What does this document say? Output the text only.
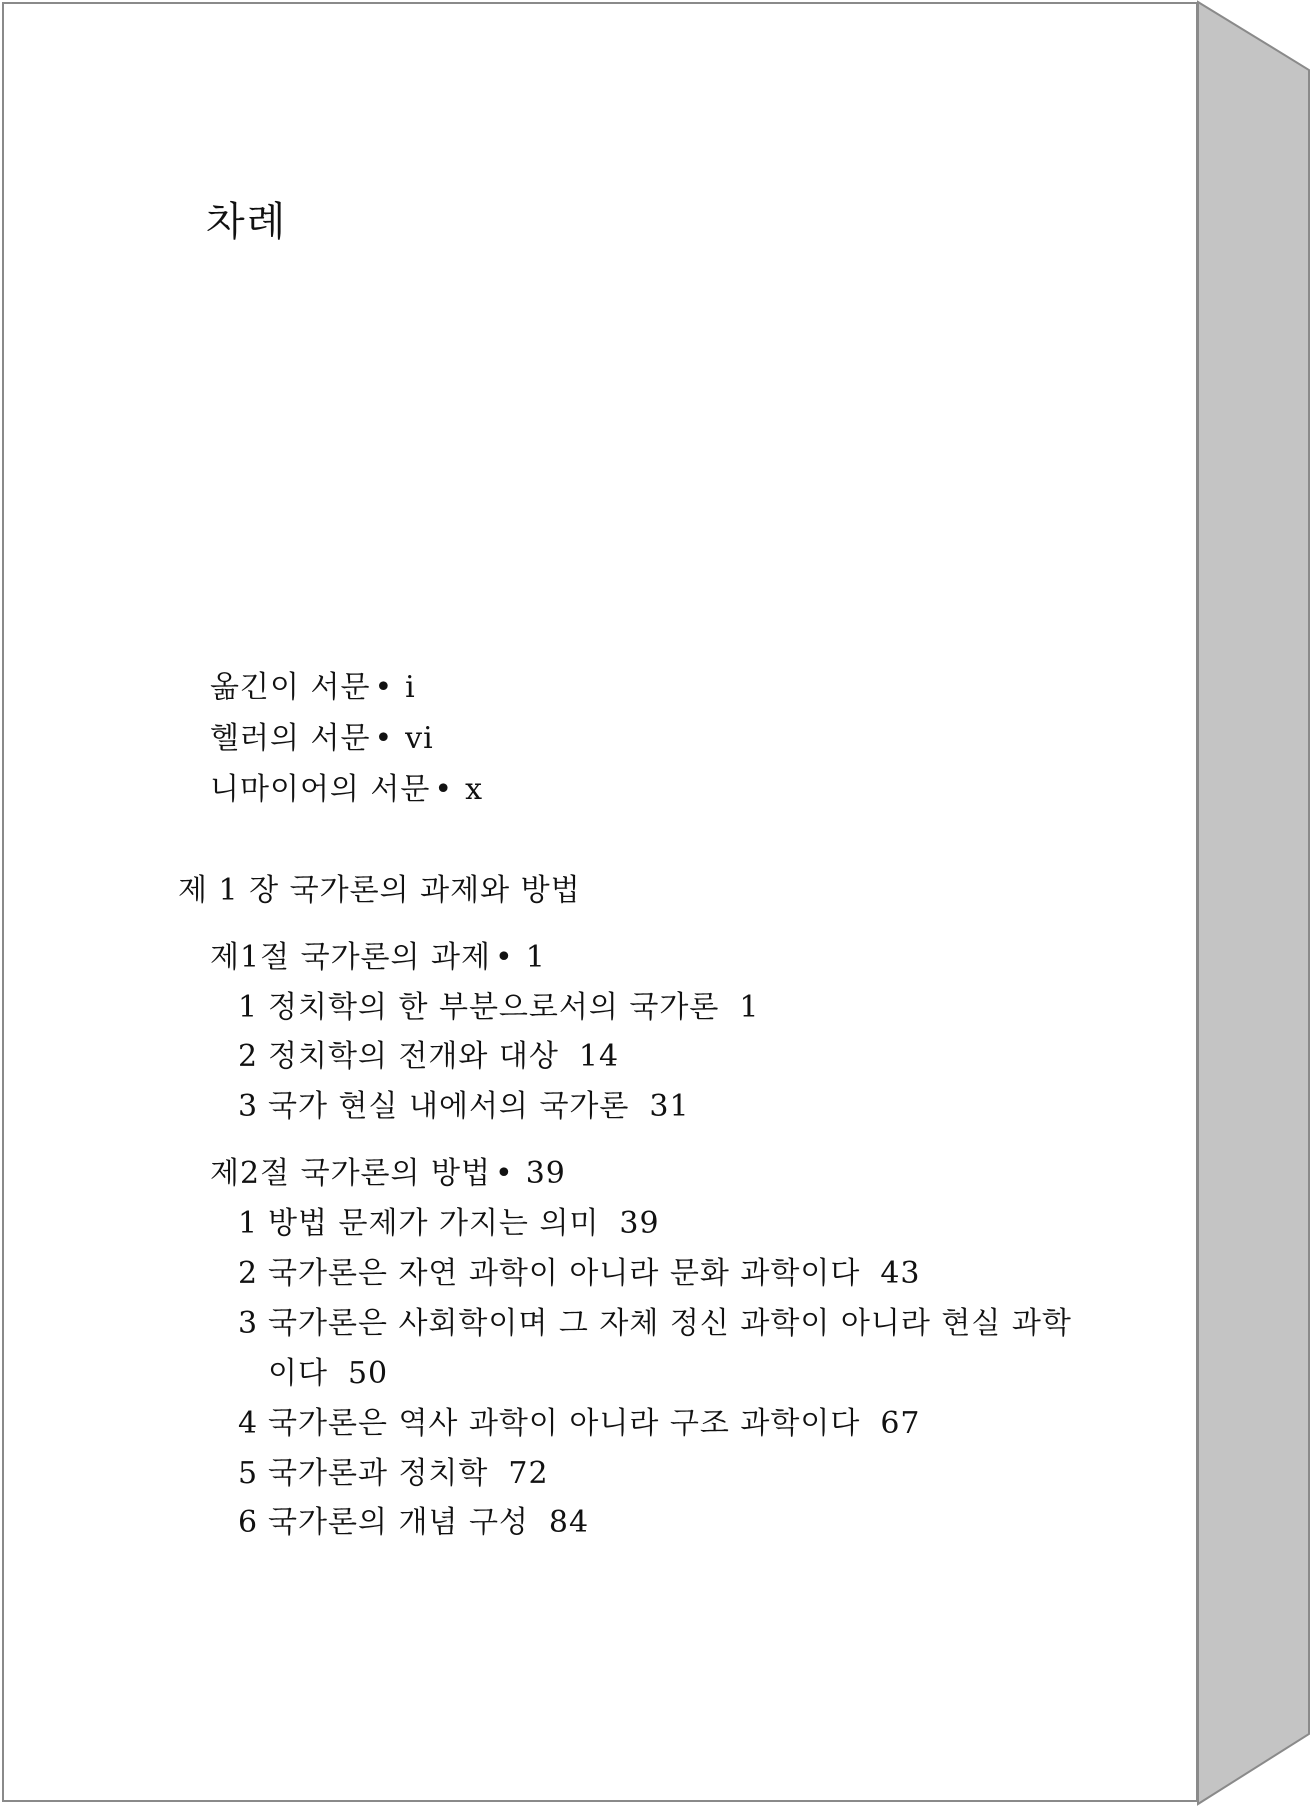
차례
옮긴이 서문 • i
헬러의 서문 • vi
니마이어의 서문 • x
제 1 장 국가론의 과제와 방법
제1절 국가론의 과제 • 1
1 정치학의 한 부분으로서의 국가론 1
2 정치학의 전개와 대상 14
3 국가 현실 내에서의 국가론 31
제2절 국가론의 방법 • 39
1 방법 문제가 가지는 의미 39
2 국가론은 자연 과학이 아니라 문화 과학이다 43
3 국가론은 사회학이며 그 자체 정신 과학이 아니라 현실 과학
이다 50
4 국가론은 역사 과학이 아니라 구조 과학이다 67
5 국가론과 정치학 72
6 국가론의 개념 구성 84
